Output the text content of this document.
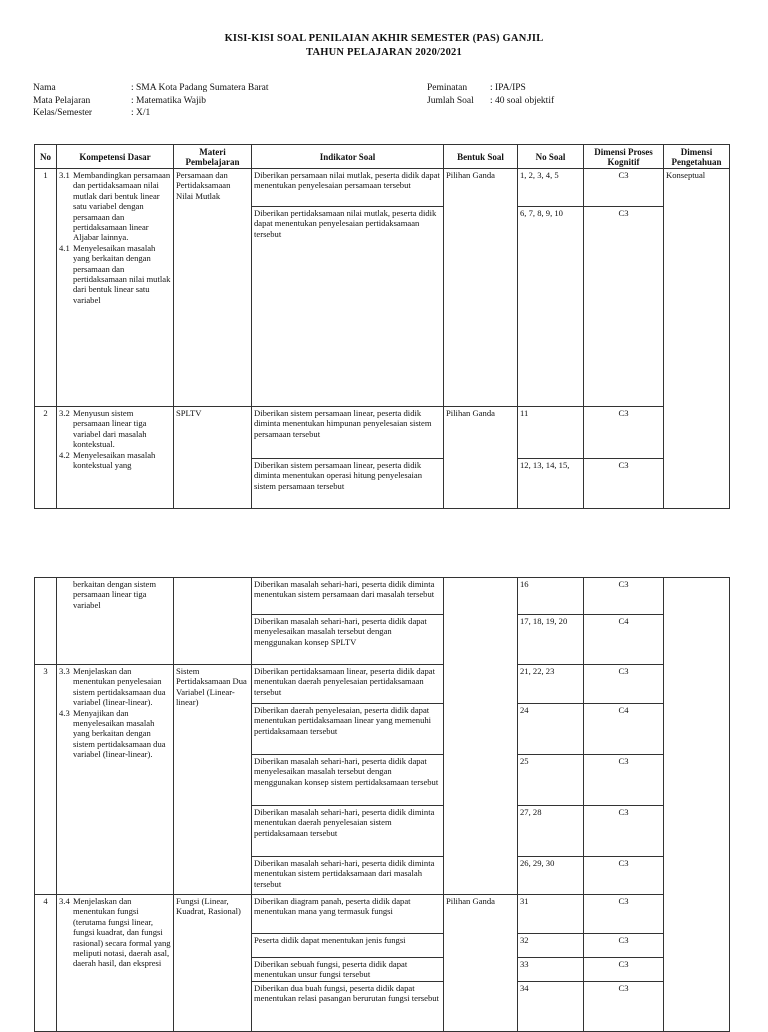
KISI-KISI SOAL PENILAIAN AKHIR SEMESTER (PAS) GANJIL
TAHUN PELAJARAN 2020/2021
Nama	: SMA Kota Padang Sumatera Barat
Mata Pelajaran	: Matematika Wajib
Kelas/Semester	: X/1
Peminatan	: IPA/IPS
Jumlah Soal	: 40 soal objektif
No	Kompetensi Dasar	Materi Pembelajaran	Indikator Soal	Bentuk Soal	No Soal	Dimensi Proses Kognitif	Dimensi Pengetahuan
1	3.1 Membandingkan persamaan dan pertidaksamaan nilai mutlak dari bentuk linear satu variabel dengan persamaan dan pertidaksamaan linear Aljabar lainnya.
4.1 Menyelesaikan masalah yang berkaitan dengan persamaan dan pertidaksamaan nilai mutlak dari bentuk linear satu variabel	Persamaan dan Pertidaksamaan Nilai Mutlak	Diberikan persamaan nilai mutlak, peserta didik dapat menentukan penyelesaian persamaan tersebut	Pilihan Ganda	1, 2, 3, 4, 5	C3	Konseptual
			Diberikan pertidaksamaan nilai mutlak, peserta didik dapat menentukan penyelesaian pertidaksamaan tersebut		6, 7, 8, 9, 10	C3	
2	3.2 Menyusun sistem persamaan linear tiga variabel dari masalah kontekstual.
4.2 Menyelesaikan masalah kontekstual yang	SPLTV	Diberikan sistem persamaan linear, peserta didik diminta menentukan himpunan penyelesaian sistem persamaan tersebut	Pilihan Ganda	11	C3	
			Diberikan sistem persamaan linear, peserta didik diminta menentukan operasi hitung penyelesaian sistem persamaan tersebut		12, 13, 14, 15,	C3	
	berkaitan dengan sistem persamaan linear tiga variabel		Diberikan masalah sehari-hari, peserta didik diminta menentukan sistem persamaan dari masalah tersebut		16	C3	
			Diberikan masalah sehari-hari, peserta didik dapat menyelesaikan masalah tersebut dengan menggunakan konsep SPLTV		17, 18, 19, 20	C4	
3	3.3 Menjelaskan dan menentukan penyelesaian sistem pertidaksamaan dua variabel (linear-linear).
4.3 Menyajikan dan menyelesaikan masalah yang berkaitan dengan sistem pertidaksamaan dua variabel (linear-linear).	Sistem Pertidaksamaan Dua Variabel (Linear-linear)	Diberikan pertidaksamaan linear, peserta didik dapat menentukan daerah penyelesaian pertidaksamaan tersebut		21, 22, 23	C3	
			Diberikan daerah penyelesaian, peserta didik dapat menentukan pertidaksamaan linear yang memenuhi pertidaksamaan tersebut		24	C4	
			Diberikan masalah sehari-hari, peserta didik dapat menyelesaikan masalah tersebut dengan menggunakan konsep sistem pertidaksamaan tersebut		25	C3	
			Diberikan masalah sehari-hari, peserta didik diminta menentukan daerah penyelesaian sistem pertidaksamaan tersebut		27, 28	C3	
			Diberikan masalah sehari-hari, peserta didik diminta menentukan sistem pertidaksamaan dari masalah tersebut		26, 29, 30	C3	
4	3.4 Menjelaskan dan menentukan fungsi (terutama fungsi linear, fungsi kuadrat, dan fungsi rasional) secara formal yang meliputi notasi, daerah asal, daerah hasil, dan ekspresi	Fungsi (Linear, Kuadrat, Rasional)	Diberikan diagram panah, peserta didik dapat menentukan mana yang termasuk fungsi	Pilihan Ganda	31	C3	
			Peserta didik dapat menentukan jenis fungsi		32	C3	
			Diberikan sebuah fungsi, peserta didik dapat menentukan unsur fungsi tersebut		33	C3	
			Diberikan dua buah fungsi, peserta didik dapat menentukan relasi pasangan berurutan fungsi tersebut		34	C3	
